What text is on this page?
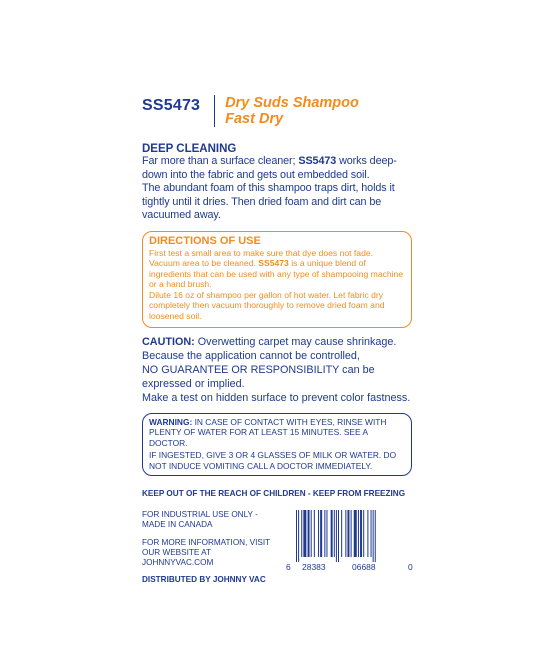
SS5473 Dry Suds Shampoo
Fast Dry
DEEP CLEANING
Far more than a surface cleaner; SS5473 works deep-down into the fabric and gets out embedded soil.
The abundant foam of this shampoo traps dirt, holds it tightly until it dries. Then dried foam and dirt can be vacuumed away.
DIRECTIONS OF USE
First test a small area to make sure that dye does not fade.
Vacuum area to be cleaned. SS5473 is a unique blend of ingredients that can be used with any type of shampooing machine or a hand brush.
Dilute 16 oz of shampoo per gallon of hot water. Let fabric dry completely then vacuum thoroughly to remove dried foam and loosened soil.
CAUTION: Overwetting carpet may cause shrinkage.
Because the application cannot be controlled,
NO GUARANTEE OR RESPONSIBILITY can be expressed or implied.
Make a test on hidden surface to prevent color fastness.
WARNING: IN CASE OF CONTACT WITH EYES, RINSE WITH PLENTY OF WATER FOR AT LEAST 15 MINUTES. SEE A DOCTOR.
IF INGESTED, GIVE 3 OR 4 GLASSES OF MILK OR WATER. DO NOT INDUCE VOMITING CALL A DOCTOR IMMEDIATELY.
KEEP OUT OF THE REACH OF CHILDREN - KEEP FROM FREEZING
FOR INDUSTRIAL USE ONLY - MADE IN CANADA
FOR MORE INFORMATION, VISIT OUR WEBSITE AT JOHNNYVAC.COM
DISTRIBUTED BY JOHNNY VAC
6 28383	06688	0
